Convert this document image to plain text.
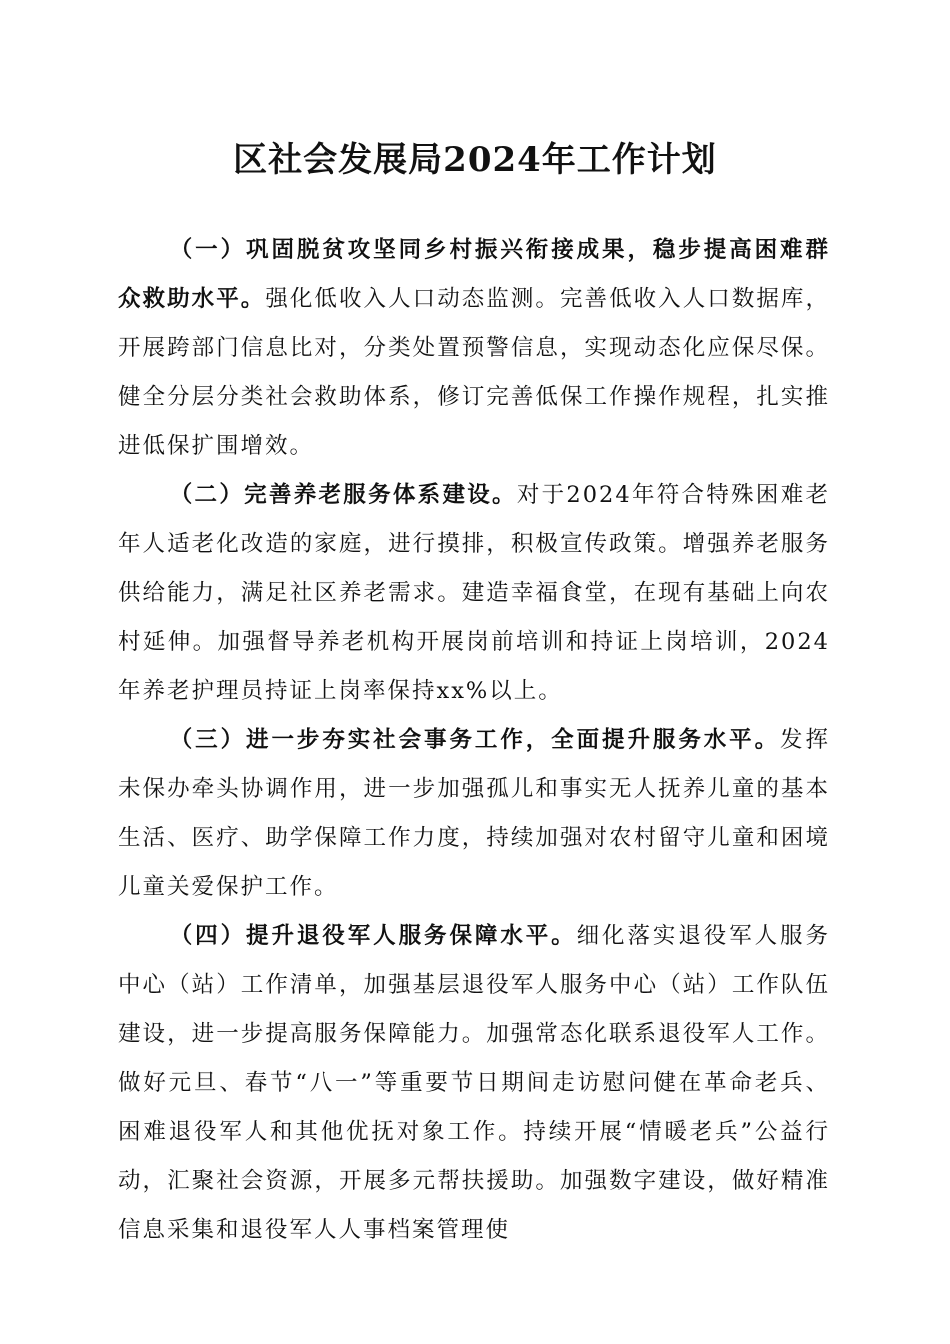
区社会发展局2024年工作计划

（一）巩固脱贫攻坚同乡村振兴衔接成果，稳步提高困难群众救助水平。强化低收入人口动态监测。完善低收入人口数据库，开展跨部门信息比对，分类处置预警信息，实现动态化应保尽保。健全分层分类社会救助体系，修订完善低保工作操作规程，扎实推进低保扩围增效。

（二）完善养老服务体系建设。对于2024年符合特殊困难老年人适老化改造的家庭，进行摸排，积极宣传政策。增强养老服务供给能力，满足社区养老需求。建造幸福食堂，在现有基础上向农村延伸。加强督导养老机构开展岗前培训和持证上岗培训，2024年养老护理员持证上岗率保持xx%以上。

（三）进一步夯实社会事务工作，全面提升服务水平。发挥未保办牵头协调作用，进一步加强孤儿和事实无人抚养儿童的基本生活、医疗、助学保障工作力度，持续加强对农村留守儿童和困境儿童关爱保护工作。

（四）提升退役军人服务保障水平。细化落实退役军人服务中心（站）工作清单，加强基层退役军人服务中心（站）工作队伍建设，进一步提高服务保障能力。加强常态化联系退役军人工作。做好元旦、春节“八一”等重要节日期间走访慰问健在革命老兵、困难退役军人和其他优抚对象工作。持续开展“情暖老兵”公益行动，汇聚社会资源，开展多元帮扶援助。加强数字建设，做好精准信息采集和退役军人人事档案管理使
